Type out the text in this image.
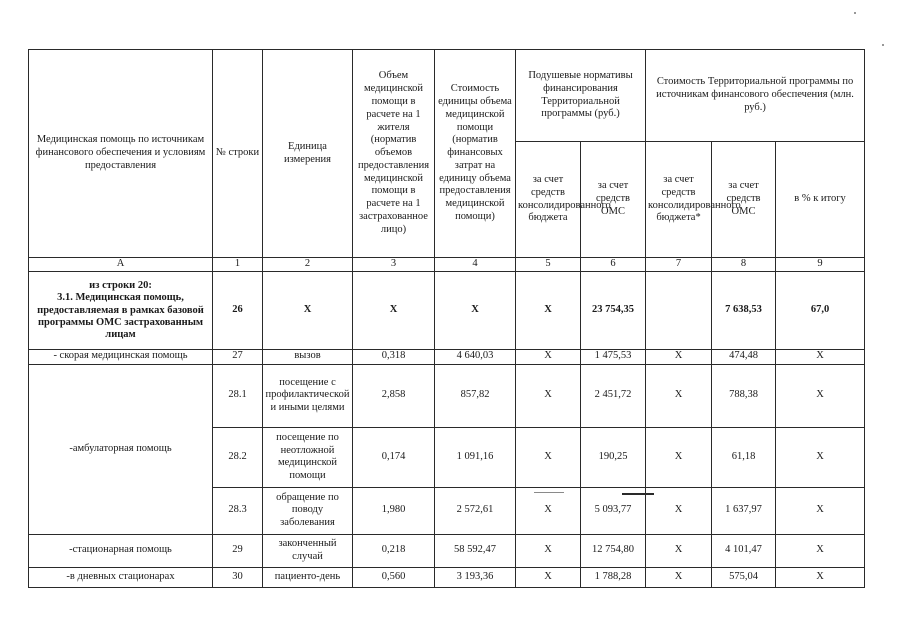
Медицинская помощь по источникам финансового обеспечения и условиям предоставления	№ строки	Единица измерения	Объем медицинской помощи в расчете на 1 жителя (норматив объемов предоставления медицинской помощи в расчете на 1 застрахованное лицо)	Стоимость единицы объема медицинской помощи (норматив финансовых затрат на единицу объема предоставления медицинской помощи)	Подушевые нормативы финансирования Территориальной программы (руб.)		Стоимость Территориальной программы по источникам финансового обеспечения (млн. руб.)		
					за счет средств консолидированного бюджета	за счет средств ОМС	за счет средств консолидированного бюджета*	за счет средств ОМС	в % к итогу
А	1	2	3	4	5	6	7	8	9
из строки 20:
3.1. Медицинская помощь, предоставляемая в рамках базовой программы ОМС застрахованным лицам	26	Х	Х	Х	Х	23 754,35		7 638,53	67,0
- скорая медицинская помощь	27	вызов	0,318	4 640,03	Х	1 475,53	Х	474,48	Х
-амбулаторная помощь	28.1	посещение с профилактической и иными целями	2,858	857,82	Х	2 451,72	Х	788,38	Х
	28.2	посещение по неотложной медицинской помощи	0,174	1 091,16	Х	190,25	Х	61,18	Х
	28.3	обращение по поводу заболевания	1,980	2 572,61	Х	5 093,77	Х	1 637,97	Х
-стационарная помощь	29	законченный случай	0,218	58 592,47	Х	12 754,80	Х	4 101,47	Х
-в дневных стационарах	30	пациенто-день	0,560	3 193,36	Х	1 788,28	Х	575,04	Х
